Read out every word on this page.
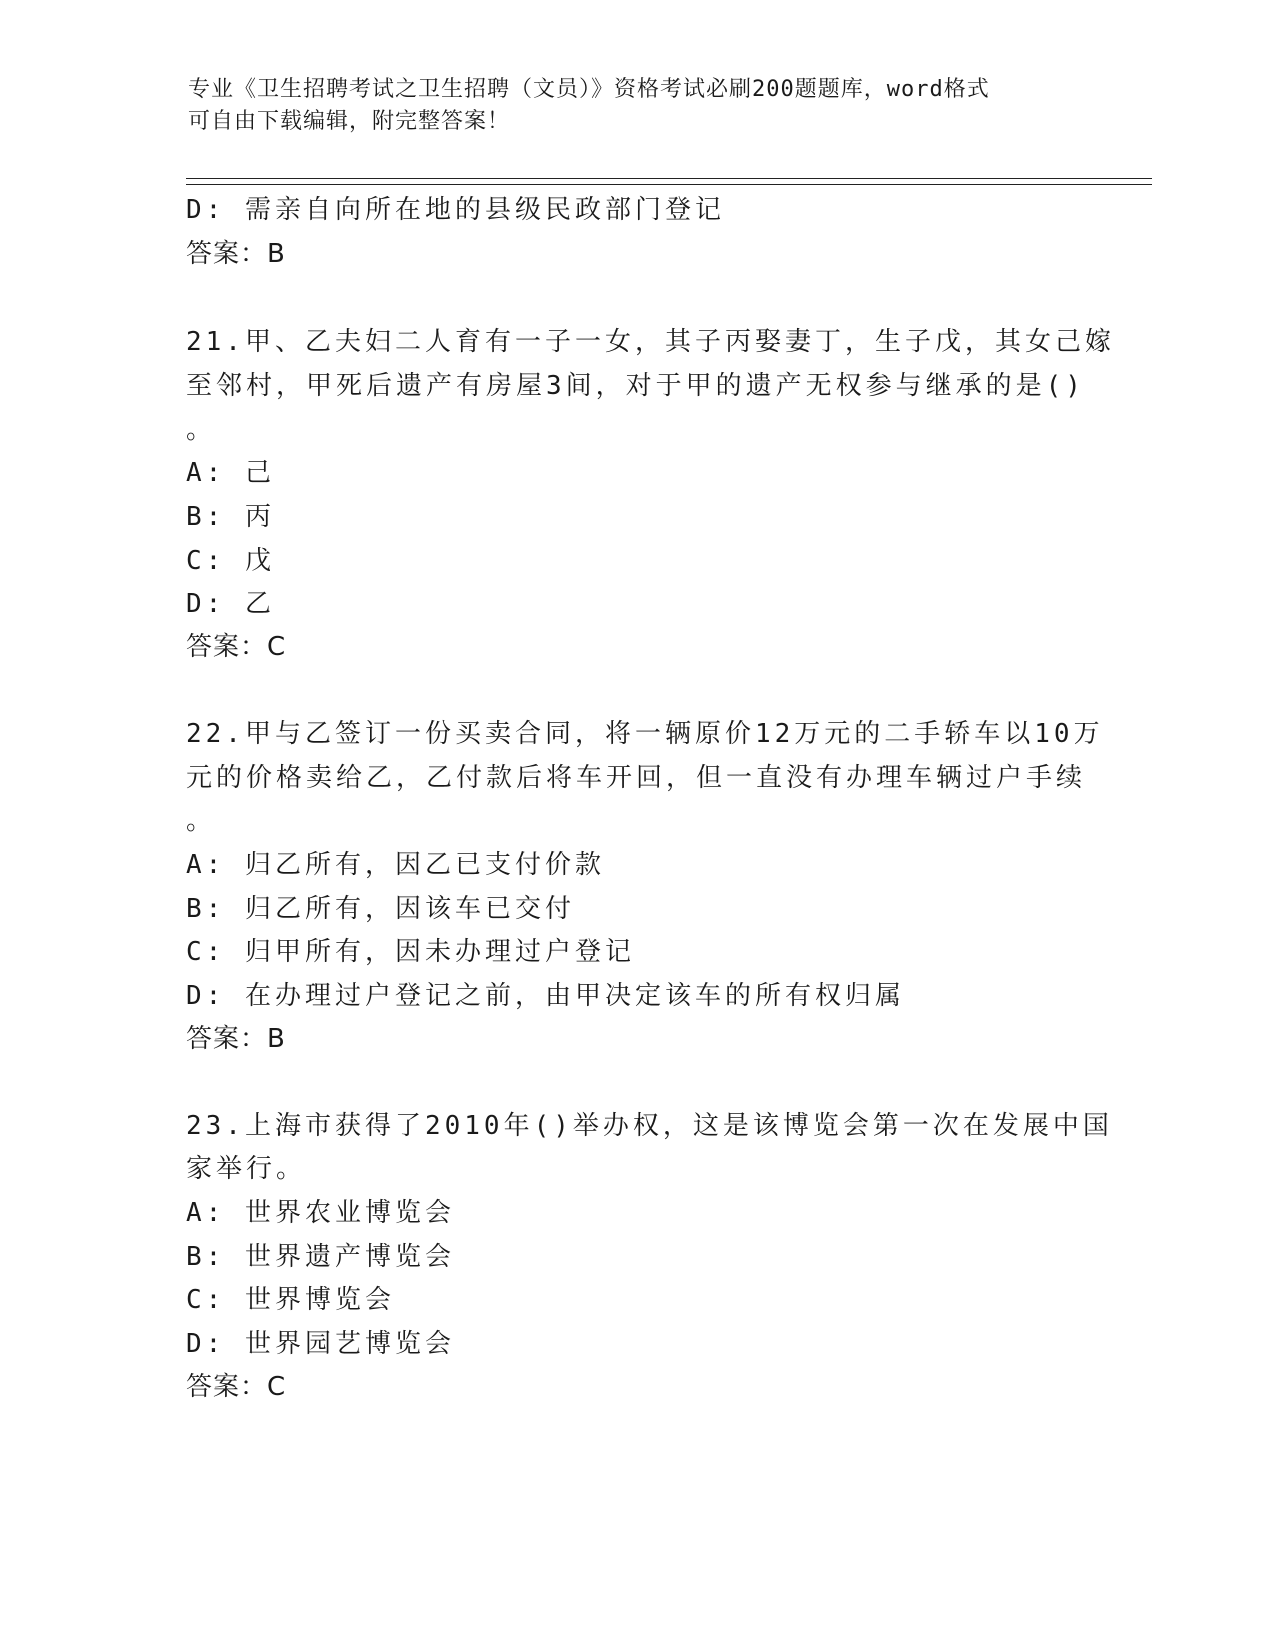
专业《卫生招聘考试之卫生招聘（文员）》资格考试必刷200题题库，word格式
可自由下载编辑，附完整答案！
D: 需亲自向所在地的县级民政部门登记
答案：B
21.甲、乙夫妇二人育有一子一女，其子丙娶妻丁，生子戊，其女己嫁
至邻村，甲死后遗产有房屋3间，对于甲的遗产无权参与继承的是()
。
A: 己
B: 丙
C: 戊
D: 乙
答案：C
22.甲与乙签订一份买卖合同，将一辆原价12万元的二手轿车以10万
元的价格卖给乙，乙付款后将车开回，但一直没有办理车辆过户手续
。
A: 归乙所有，因乙已支付价款
B: 归乙所有，因该车已交付
C: 归甲所有，因未办理过户登记
D: 在办理过户登记之前，由甲决定该车的所有权归属
答案：B
23.上海市获得了2010年()举办权，这是该博览会第一次在发展中国
家举行。
A: 世界农业博览会
B: 世界遗产博览会
C: 世界博览会
D: 世界园艺博览会
答案：C
